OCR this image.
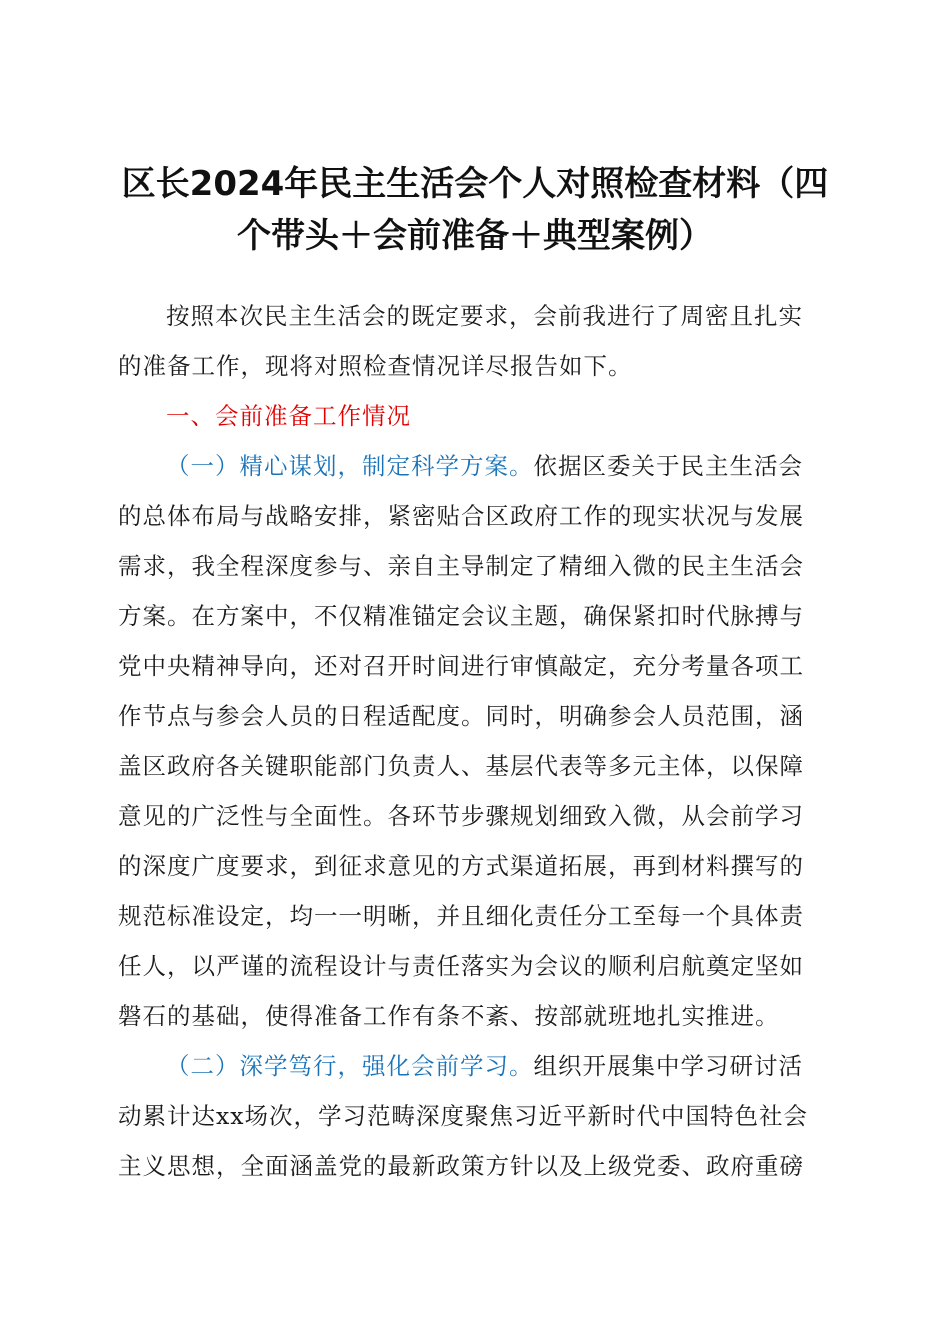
区长2024年民主生活会个人对照检查材料（四
个带头＋会前准备＋典型案例）
按照本次民主生活会的既定要求，会前我进行了周密且扎实
的准备工作，现将对照检查情况详尽报告如下。
一、会前准备工作情况
（一）精心谋划，制定科学方案。依据区委关于民主生活会
的总体布局与战略安排，紧密贴合区政府工作的现实状况与发展
需求，我全程深度参与、亲自主导制定了精细入微的民主生活会
方案。在方案中，不仅精准锚定会议主题，确保紧扣时代脉搏与
党中央精神导向，还对召开时间进行审慎敲定，充分考量各项工
作节点与参会人员的日程适配度。同时，明确参会人员范围，涵
盖区政府各关键职能部门负责人、基层代表等多元主体，以保障
意见的广泛性与全面性。各环节步骤规划细致入微，从会前学习
的深度广度要求，到征求意见的方式渠道拓展，再到材料撰写的
规范标准设定，均一一明晰，并且细化责任分工至每一个具体责
任人，以严谨的流程设计与责任落实为会议的顺利启航奠定坚如
磐石的基础，使得准备工作有条不紊、按部就班地扎实推进。
（二）深学笃行，强化会前学习。组织开展集中学习研讨活
动累计达xx场次，学习范畴深度聚焦习近平新时代中国特色社会
主义思想，全面涵盖党的最新政策方针以及上级党委、政府重磅
